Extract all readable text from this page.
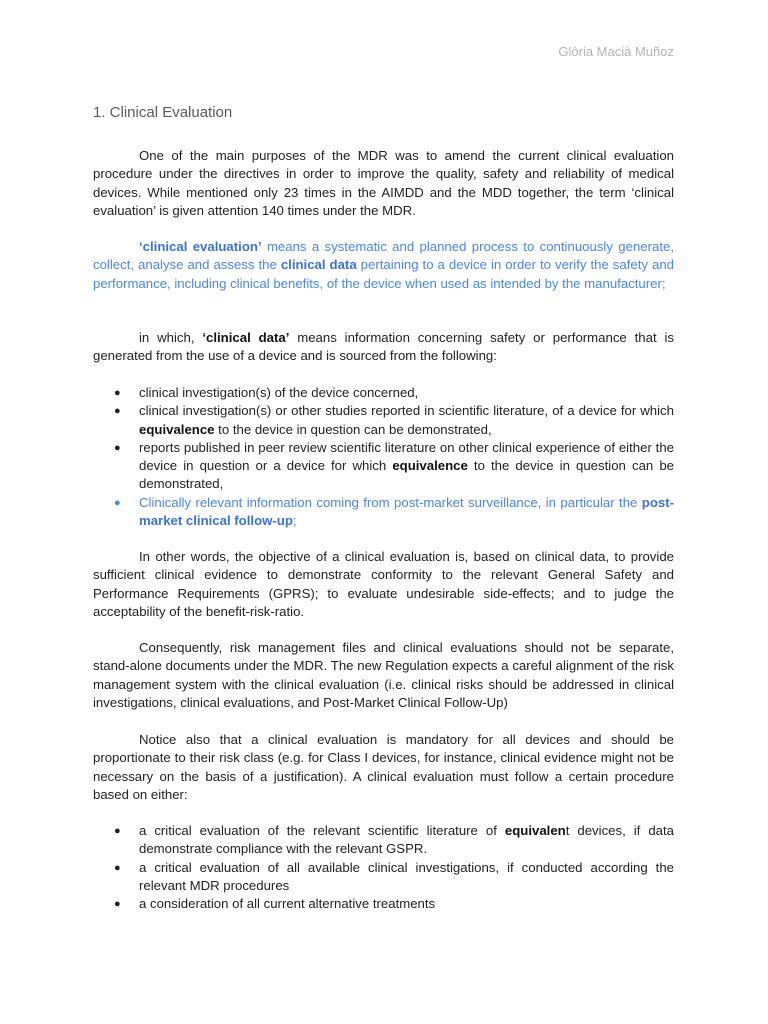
Glòria Macià Muñoz
1. Clinical Evaluation

One of the main purposes of the MDR was to amend the current clinical evaluation procedure under the directives in order to improve the quality, safety and reliability of medical devices. While mentioned only 23 times in the AIMDD and the MDD together, the term ‘clinical evaluation’ is given attention 140 times under the MDR.

‘clinical evaluation’ means a systematic and planned process to continuously generate, collect, analyse and assess the clinical data pertaining to a device in order to verify the safety and performance, including clinical benefits, of the device when used as intended by the manufacturer;

in which, ‘clinical data’ means information concerning safety or performance that is generated from the use of a device and is sourced from the following:

● clinical investigation(s) of the device concerned,
● clinical investigation(s) or other studies reported in scientific literature, of a device for which equivalence to the device in question can be demonstrated,
● reports published in peer review scientific literature on other clinical experience of either the device in question or a device for which equivalence to the device in question can be demonstrated,
● Clinically relevant information coming from post-market surveillance, in particular the post-market clinical follow-up;

In other words, the objective of a clinical evaluation is, based on clinical data, to provide sufficient clinical evidence to demonstrate conformity to the relevant General Safety and Performance Requirements (GPRS); to evaluate undesirable side-effects; and to judge the acceptability of the benefit-risk-ratio.

Consequently, risk management files and clinical evaluations should not be separate, stand-alone documents under the MDR. The new Regulation expects a careful alignment of the risk management system with the clinical evaluation (i.e. clinical risks should be addressed in clinical investigations, clinical evaluations, and Post-Market Clinical Follow-Up)

Notice also that a clinical evaluation is mandatory for all devices and should be proportionate to their risk class (e.g. for Class I devices, for instance, clinical evidence might not be necessary on the basis of a justification). A clinical evaluation must follow a certain procedure based on either:

● a critical evaluation of the relevant scientific literature of equivalent devices, if data demonstrate compliance with the relevant GSPR.
● a critical evaluation of all available clinical investigations, if conducted according the relevant MDR procedures
● a consideration of all current alternative treatments
